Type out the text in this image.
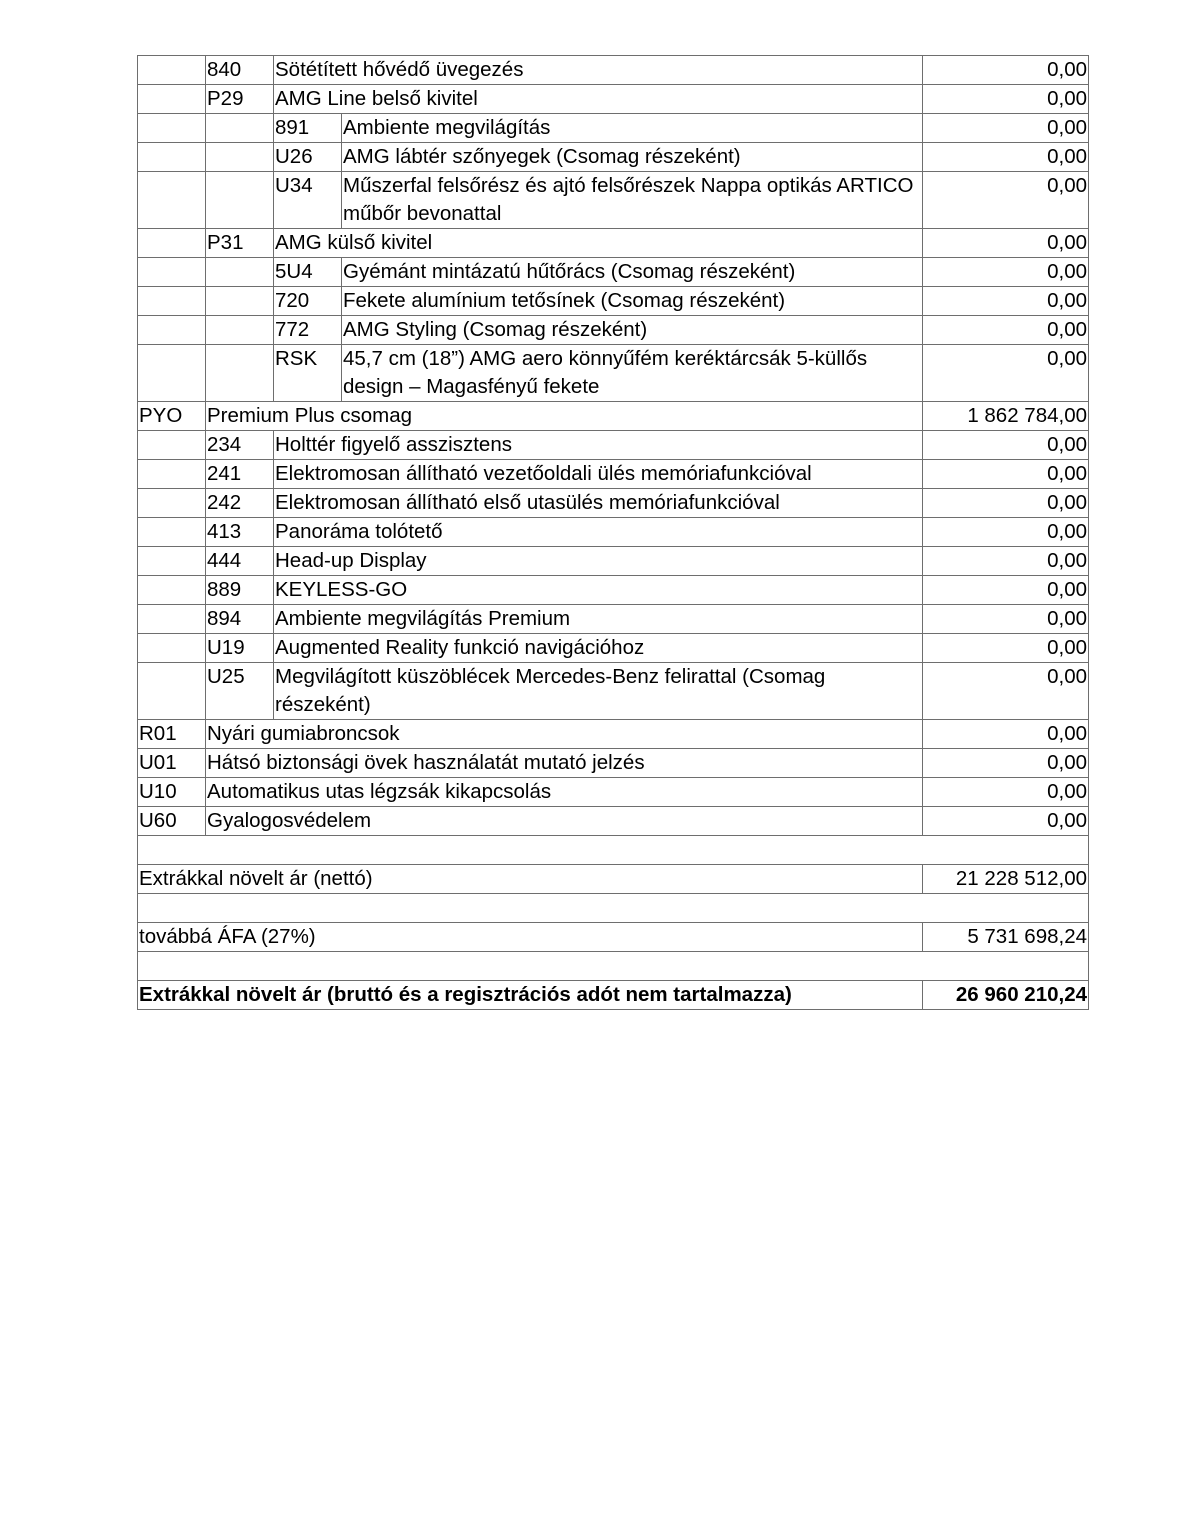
	840	Sötétített hővédő üvegezés		0,00
	P29	AMG Line belső kivitel		0,00
		891	Ambiente megvilágítás	0,00
		U26	AMG lábtér szőnyegek (Csomag részeként)	0,00
		U34	Műszerfal felsőrész és ajtó felsőrészek Nappa optikás ARTICO műbőr bevonattal	0,00
	P31	AMG külső kivitel		0,00
		5U4	Gyémánt mintázatú hűtőrács (Csomag részeként)	0,00
		720	Fekete alumínium tetősínek (Csomag részeként)	0,00
		772	AMG Styling (Csomag részeként)	0,00
		RSK	45,7 cm (18”) AMG aero könnyűfém keréktárcsák 5-küllős design – Magasfényű fekete	0,00
PYO	Premium Plus csomag			1 862 784,00
	234	Holttér figyelő asszisztens		0,00
	241	Elektromosan állítható vezetőoldali ülés memóriafunkcióval		0,00
	242	Elektromosan állítható első utasülés memóriafunkcióval		0,00
	413	Panoráma tolótető		0,00
	444	Head-up Display		0,00
	889	KEYLESS-GO		0,00
	894	Ambiente megvilágítás Premium		0,00
	U19	Augmented Reality funkció navigációhoz		0,00
	U25	Megvilágított küszöblécek Mercedes-Benz felirattal (Csomag részeként)		0,00
R01	Nyári gumiabroncsok			0,00
U01	Hátsó biztonsági övek használatát mutató jelzés			0,00
U10	Automatikus utas légzsák kikapcsolás			0,00
U60	Gyalogosvédelem			0,00

Extrákkal növelt ár (nettó)				21 228 512,00

továbbá ÁFA (27%)				5 731 698,24

Extrákkal növelt ár (bruttó és a regisztrációs adót nem tartalmazza)				26 960 210,24
